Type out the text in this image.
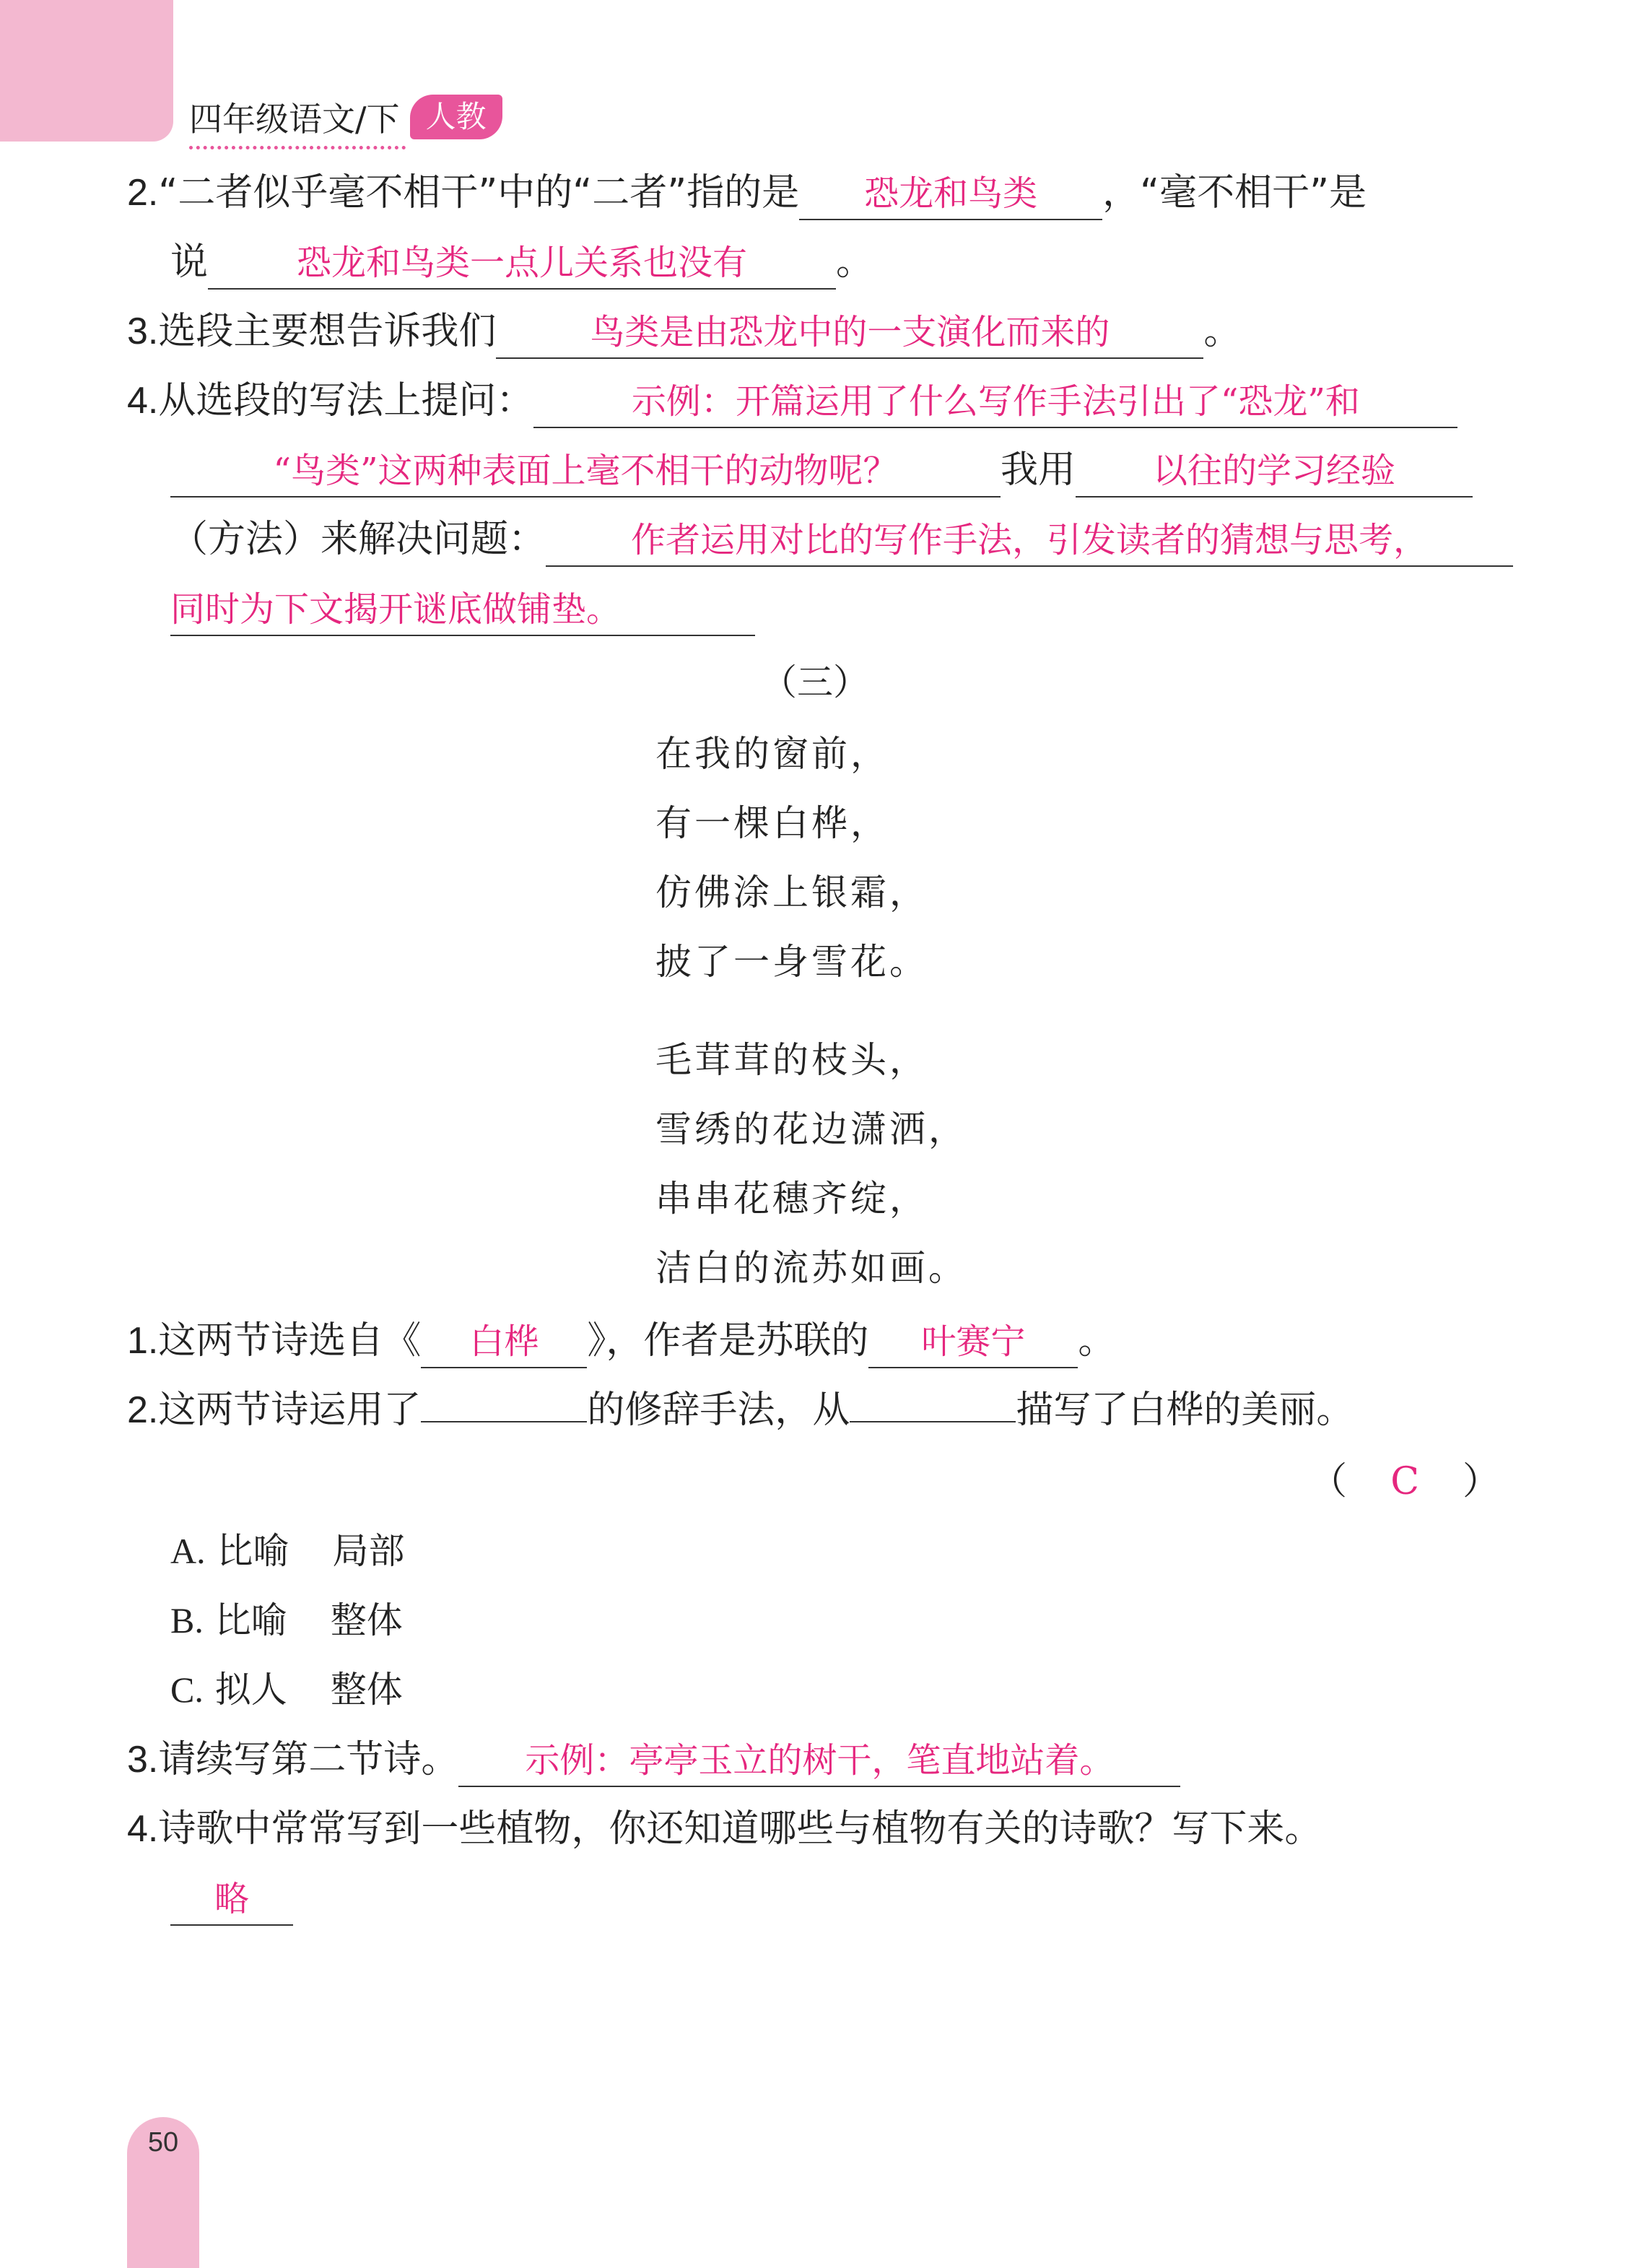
四年级语文/下 人教
2.“二者似乎毫不相干”中的“二者”指的是 恐龙和鸟类 ，“毫不相干”是
说	恐龙和鸟类一点儿关系也没有 。
3.选段主要想告诉我们	鸟类是由恐龙中的一支演化而来的	。
4.从选段的写法上提问：	示例：开篇运用了什么写作手法引出了“恐龙”和
“鸟类”这两种表面上毫不相干的动物呢？	我用 以往的学习经验
（方法）来解决问题： 作者运用对比的写作手法，引发读者的猜想与思考，
同时为下文揭开谜底做铺垫。
（三）
在我的窗前，
有一棵白桦，
仿佛涂上银霜，
披了一身雪花。
毛茸茸的枝头，
雪绣的花边潇洒，
串串花穗齐绽，
洁白的流苏如画。
1.这两节诗选自《 白桦 》，作者是苏联的 叶赛宁 。
2.这两节诗运用了	的修辞手法，从	描写了白桦的美丽。
（ C ）
A. 比喻 局部
B. 比喻 整体
C. 拟人 整体
3.请续写第二节诗。 示例：亭亭玉立的树干，笔直地站着。
4.诗歌中常常写到一些植物，你还知道哪些与植物有关的诗歌？写下来。
略
50
